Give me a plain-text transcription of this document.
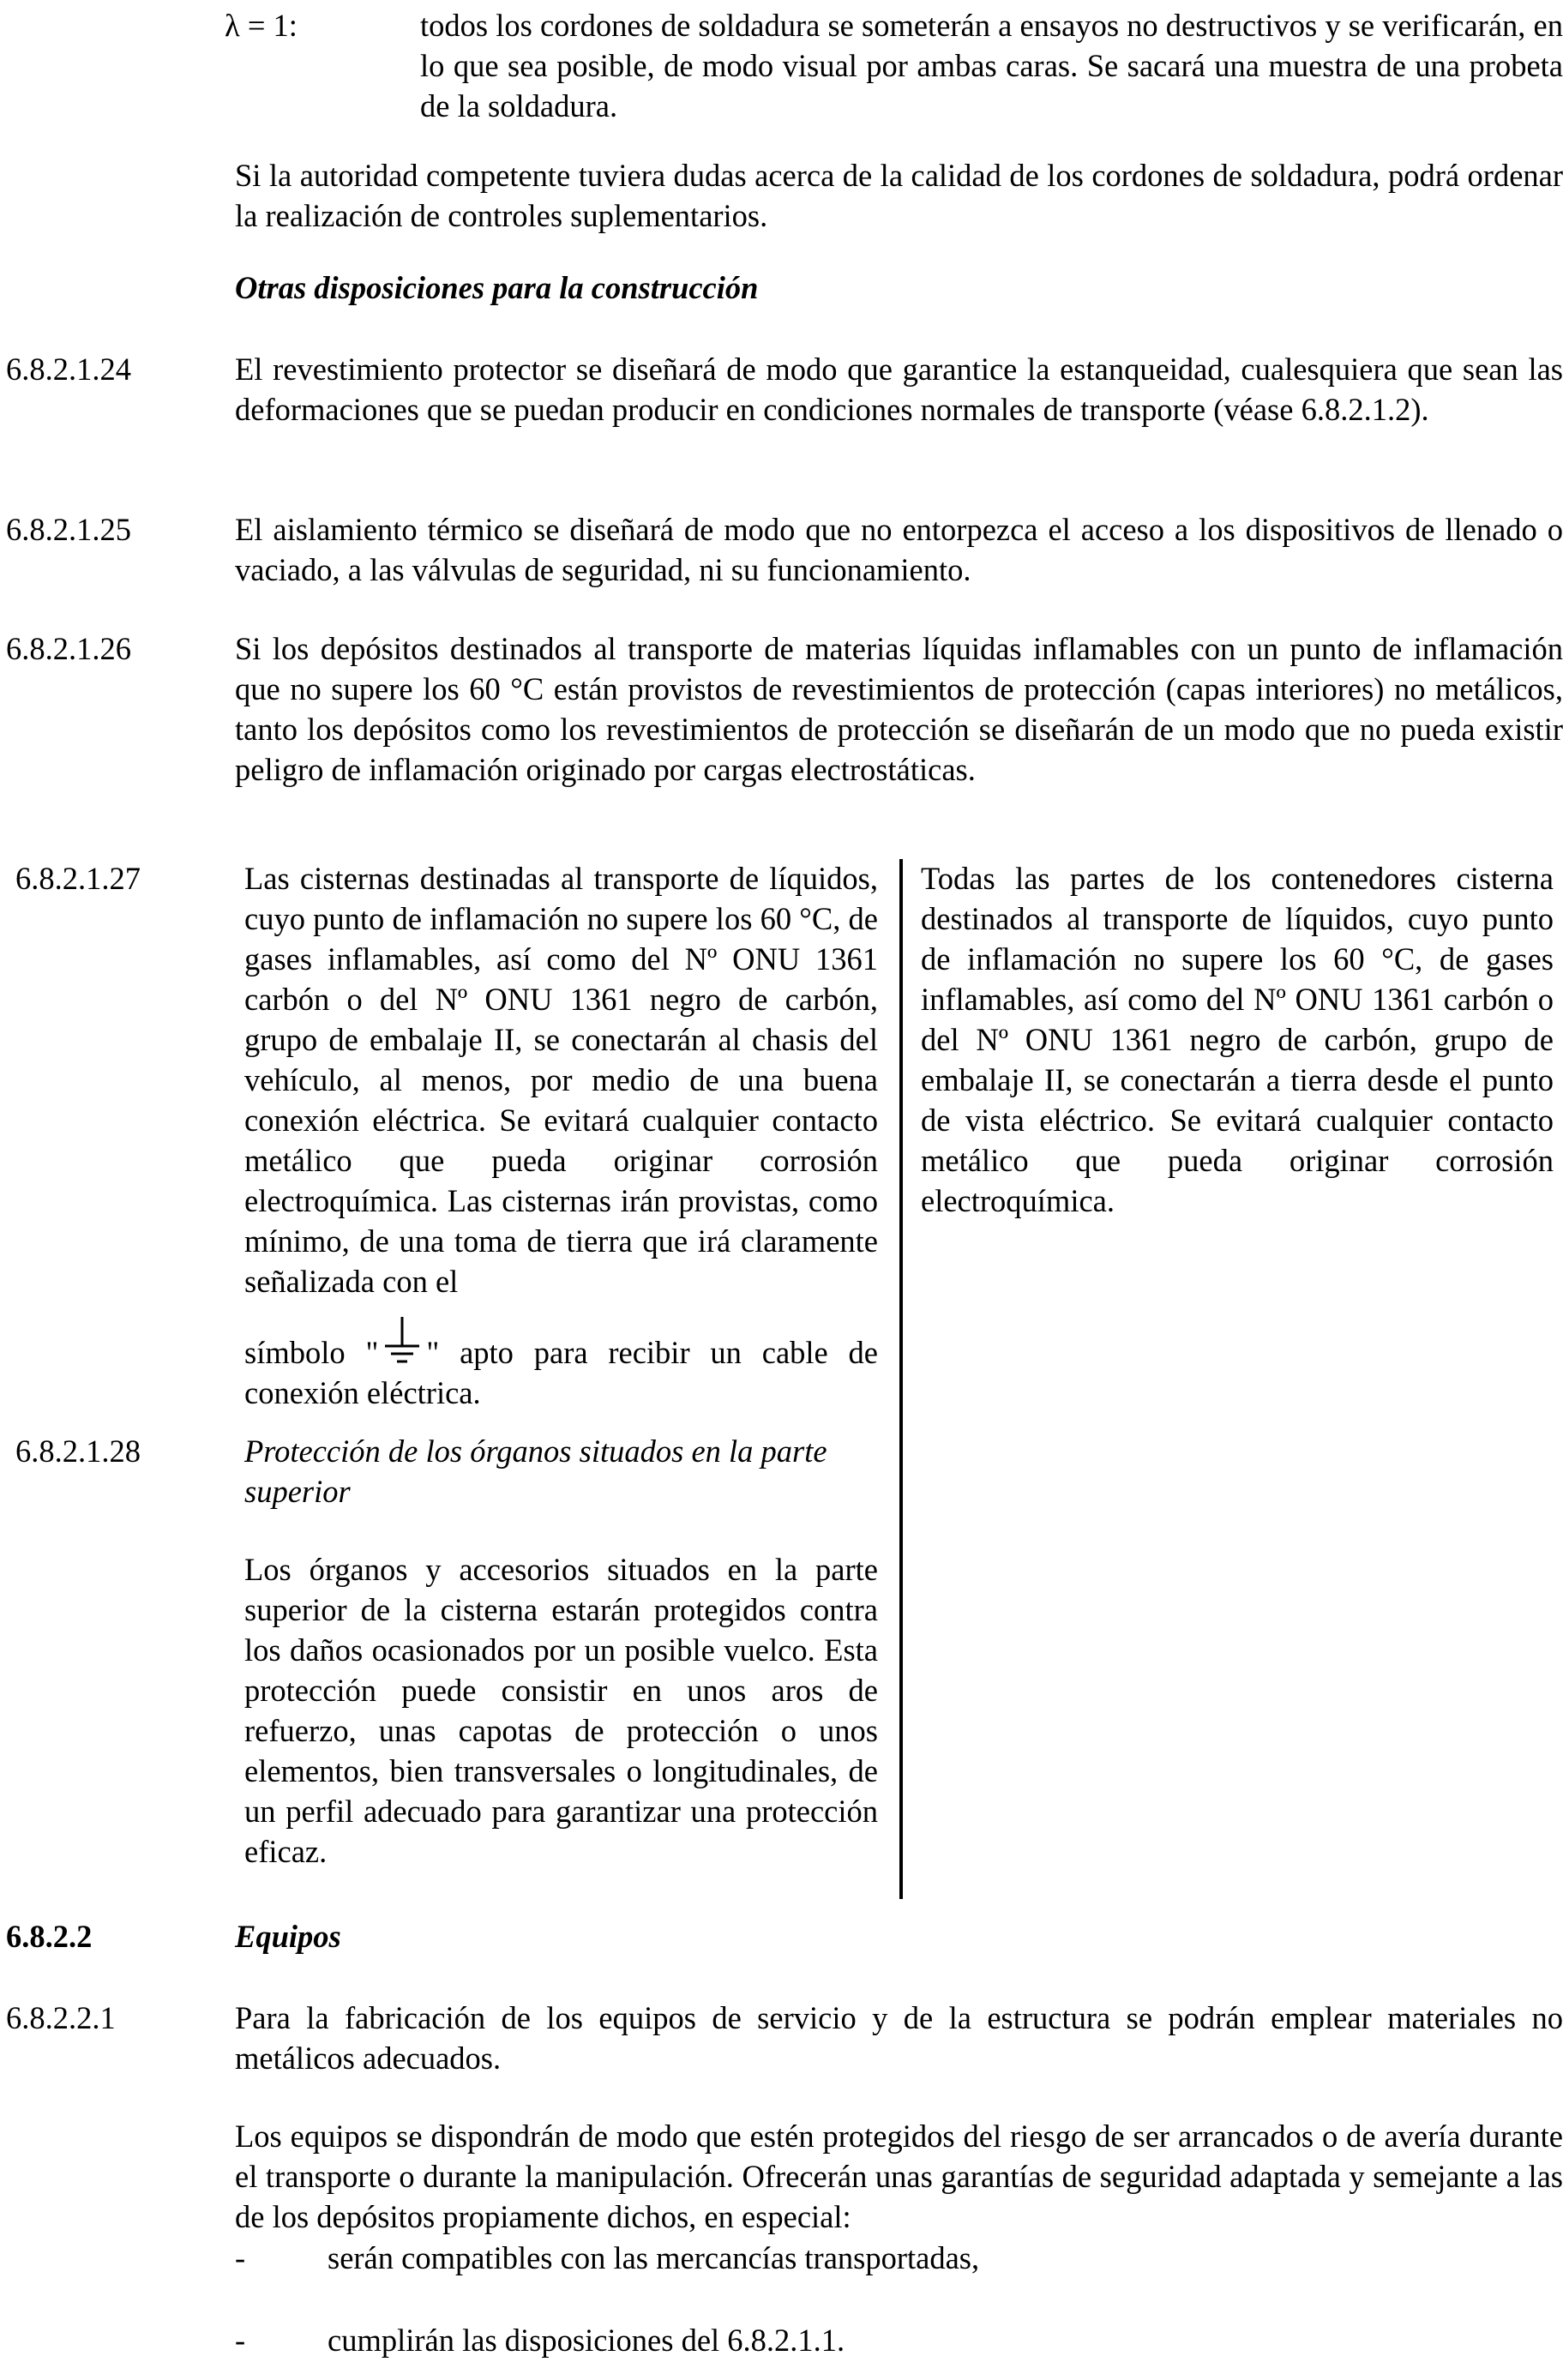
λ = 1:	todos los cordones de soldadura se someterán a ensayos no destructivos y se verificarán, en lo que sea posible, de modo visual por ambas caras. Se sacará una muestra de una probeta de la soldadura.
Si la autoridad competente tuviera dudas acerca de la calidad de los cordones de soldadura, podrá ordenar la realización de controles suplementarios.
Otras disposiciones para la construcción
6.8.2.1.24	El revestimiento protector se diseñará de modo que garantice la estanqueidad, cualesquiera que sean las deformaciones que se puedan producir en condiciones normales de transporte (véase 6.8.2.1.2).
6.8.2.1.25	El aislamiento térmico se diseñará de modo que no entorpezca el acceso a los dispositivos de llenado o vaciado, a las válvulas de seguridad, ni su funcionamiento.
6.8.2.1.26	Si los depósitos destinados al transporte de materias líquidas inflamables con un punto de inflamación que no supere los 60 °C están provistos de revestimientos de protección (capas interiores) no metálicos, tanto los depósitos como los revestimientos de protección se diseñarán de un modo que no pueda existir peligro de inflamación originado por cargas electrostáticas.
6.8.2.1.27	Las cisternas destinadas al transporte de líquidos, cuyo punto de inflamación no supere los 60 °C, de gases inflamables, así como del Nº ONU 1361 carbón o del Nº ONU 1361 negro de carbón, grupo de embalaje II, se conectarán al chasis del vehículo, al menos, por medio de una buena conexión eléctrica. Se evitará cualquier contacto metálico que pueda originar corrosión electroquímica. Las cisternas irán provistas, como mínimo, de una toma de tierra que irá claramente señalizada con el

símbolo " " apto para recibir un cable de conexión eléctrica.
Todas las partes de los contenedores cisterna destinados al transporte de líquidos, cuyo punto de inflamación no supere los 60 °C, de gases inflamables, así como del Nº ONU 1361 carbón o del Nº ONU 1361 negro de carbón, grupo de embalaje II, se conectarán a tierra desde el punto de vista eléctrico. Se evitará cualquier contacto metálico que pueda originar corrosión electroquímica.
6.8.2.1.28	Protección de los órganos situados en la parte superior
Los órganos y accesorios situados en la parte superior de la cisterna estarán protegidos contra los daños ocasionados por un posible vuelco. Esta protección puede consistir en unos aros de refuerzo, unas capotas de protección o unos elementos, bien transversales o longitudinales, de un perfil adecuado para garantizar una protección eficaz.
6.8.2.2	Equipos
6.8.2.2.1	Para la fabricación de los equipos de servicio y de la estructura se podrán emplear materiales no metálicos adecuados.
Los equipos se dispondrán de modo que estén protegidos del riesgo de ser arrancados o de avería durante el transporte o durante la manipulación. Ofrecerán unas garantías de seguridad adaptada y semejante a las de los depósitos propiamente dichos, en especial:
-	serán compatibles con las mercancías transportadas,
-	cumplirán las disposiciones del 6.8.2.1.1.
